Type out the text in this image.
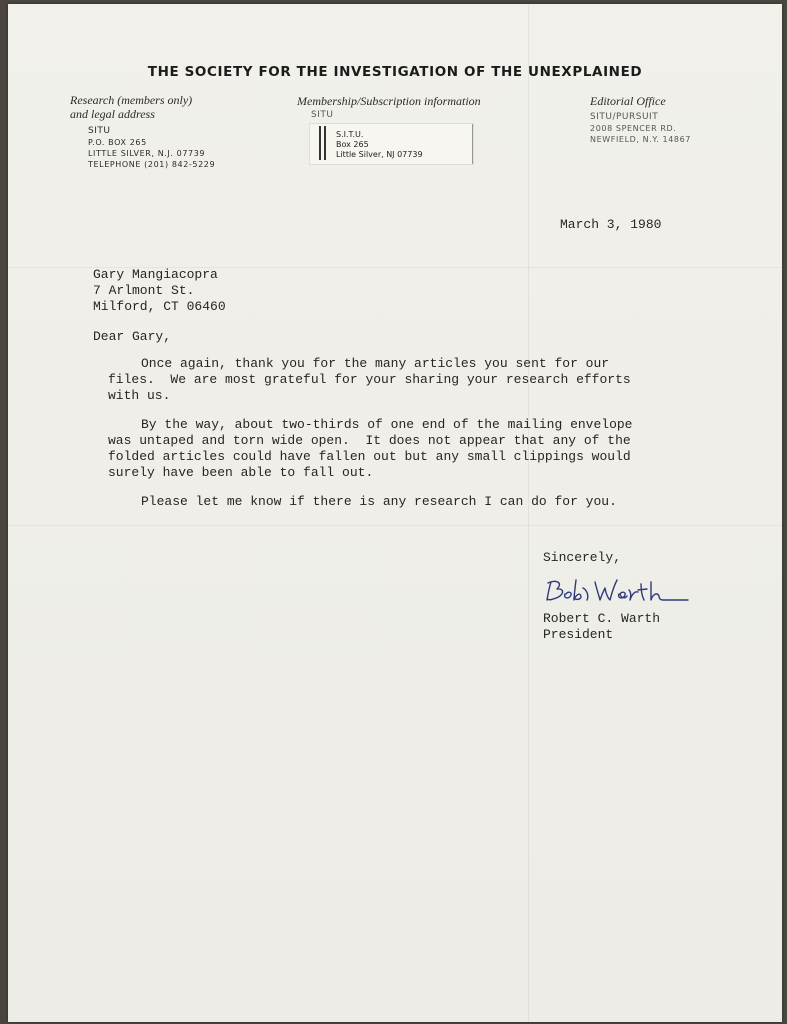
THE SOCIETY FOR THE INVESTIGATION OF THE UNEXPLAINED
Research (members only)
and legal address
SITU
P.O. BOX 265
LITTLE SILVER, N.J. 07739
TELEPHONE (201) 842-5229
Membership/Subscription information
SITU
S.I.T.U.
Box 265
Little Silver, NJ 07739
Editorial Office
SITU/PURSUIT
2008 SPENCER RD.
NEWFIELD, N.Y. 14867
March 3, 1980
Gary Mangiacopra
7 Arlmont St.
Milford, CT 06460
Dear Gary,
Once again, thank you for the many articles you sent for our
files.  We are most grateful for your sharing your research efforts
with us.
By the way, about two-thirds of one end of the mailing envelope
was untaped and torn wide open.  It does not appear that any of the
folded articles could have fallen out but any small clippings would
surely have been able to fall out.
Please let me know if there is any research I can do for you.
Sincerely,
Robert C. Warth
President
